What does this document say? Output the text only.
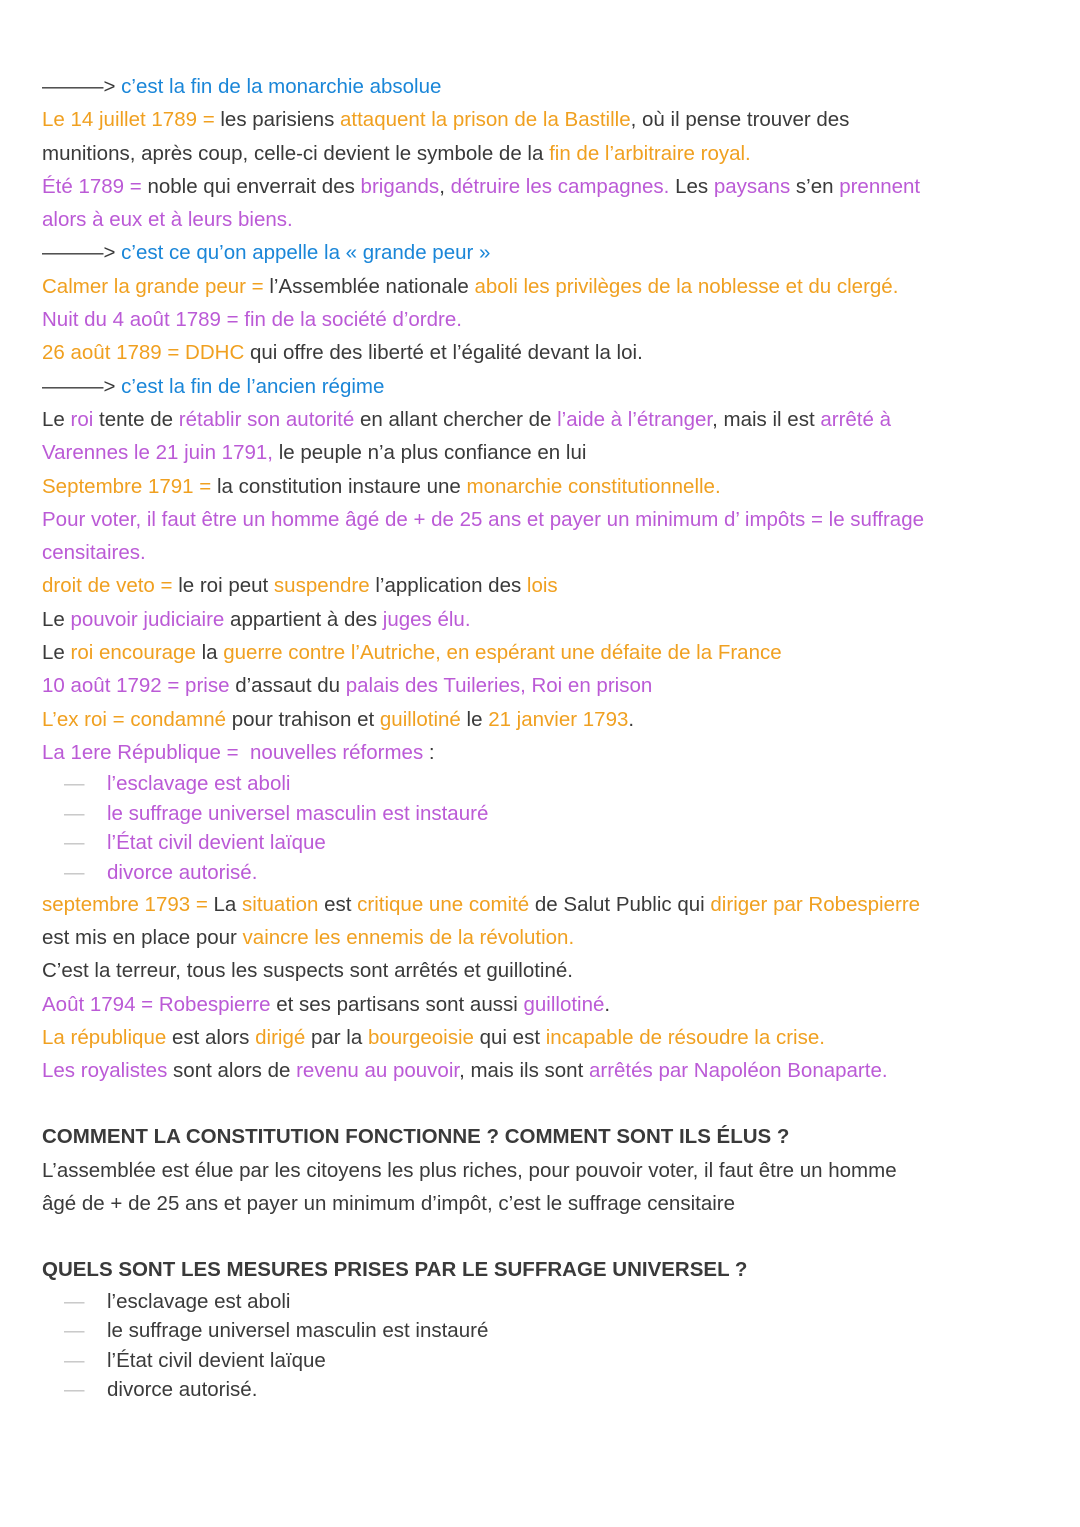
———> c’est la fin de la monarchie absolue

Le 14 juillet 1789 = les parisiens attaquent la prison de la Bastille, où il pense trouver des

munitions, après coup, celle-ci devient le symbole de la fin de l’arbitraire royal.

Été 1789 = noble qui enverrait des brigands, détruire les campagnes. Les paysans s’en prennent

alors à eux et à leurs biens.

———> c’est ce qu’on appelle la « grande peur »

Calmer la grande peur = l’Assemblée nationale aboli les privilèges de la noblesse et du clergé.

Nuit du 4 août 1789 = fin de la société d’ordre.

26 août 1789 = DDHC qui offre des liberté et l’égalité devant la loi.

———> c’est la fin de l’ancien régime

Le roi tente de rétablir son autorité en allant chercher de l’aide à l’étranger, mais il est arrêté à

Varennes le 21 juin 1791, le peuple n’a plus confiance en lui

Septembre 1791 = la constitution instaure une monarchie constitutionnelle.

Pour voter, il faut être un homme âgé de + de 25 ans et payer un minimum d’ impôts = le suffrage

censitaires.

droit de veto = le roi peut suspendre l’application des lois

Le pouvoir judiciaire appartient à des juges élu.

Le roi encourage la guerre contre l’Autriche, en espérant une défaite de la France

10 août 1792 = prise d’assaut du palais des Tuileries, Roi en prison

L’ex roi = condamné pour trahison et guillotiné le 21 janvier 1793.

La 1ere République =  nouvelles réformes :

— l’esclavage est aboli
— le suffrage universel masculin est instauré
— l’État civil devient laïque
— divorce autorisé.

septembre 1793 = La situation est critique une comité de Salut Public qui diriger par Robespierre

est mis en place pour vaincre les ennemis de la révolution.

C’est la terreur, tous les suspects sont arrêtés et guillotiné.

Août 1794 = Robespierre et ses partisans sont aussi guillotiné.

La république est alors dirigé par la bourgeoisie qui est incapable de résoudre la crise.

Les royalistes sont alors de revenu au pouvoir, mais ils sont arrêtés par Napoléon Bonaparte.

COMMENT LA CONSTITUTION FONCTIONNE ? COMMENT SONT ILS ÉLUS ?

L’assemblée est élue par les citoyens les plus riches, pour pouvoir voter, il faut être un homme

âgé de + de 25 ans et payer un minimum d’impôt, c’est le suffrage censitaire

QUELS SONT LES MESURES PRISES PAR LE SUFFRAGE UNIVERSEL ?

— l’esclavage est aboli
— le suffrage universel masculin est instauré
— l’État civil devient laïque
— divorce autorisé.
